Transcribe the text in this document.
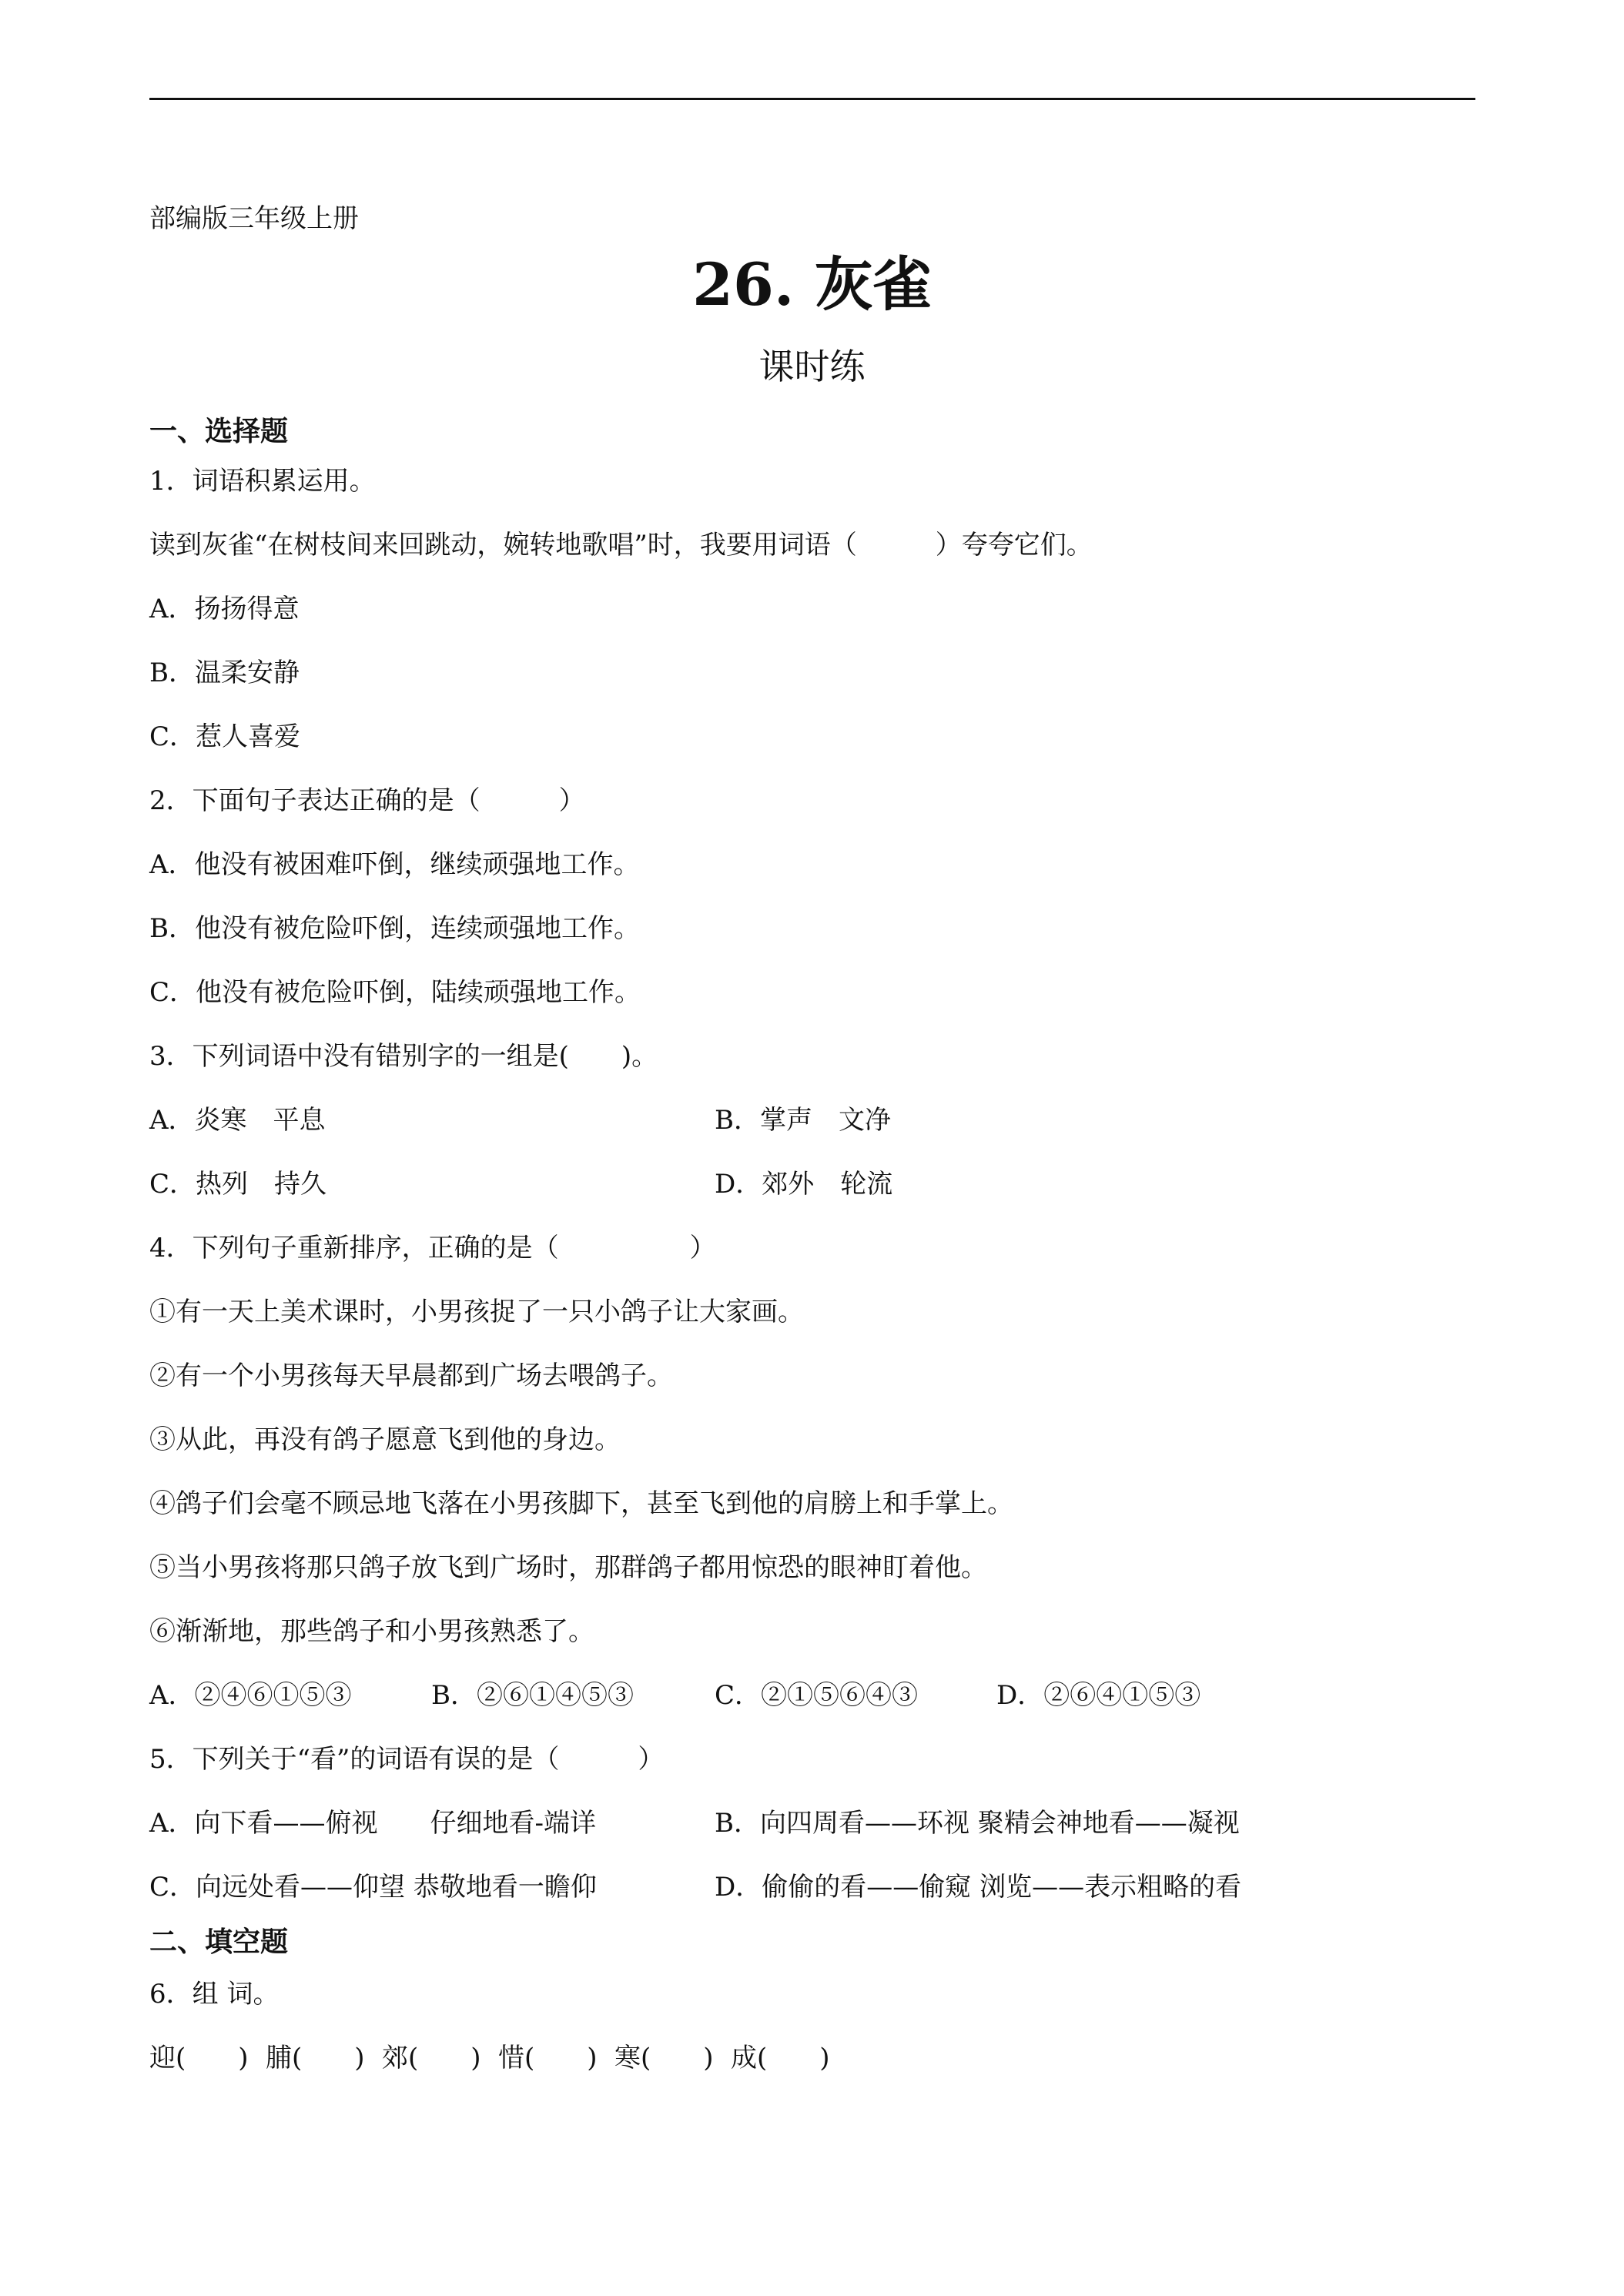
部编版三年级上册
26. 灰雀
课时练
一、选择题
1．词语积累运用。
读到灰雀“在树枝间来回跳动，婉转地歌唱”时，我要用词语（　　　）夸夸它们。
A．扬扬得意
B．温柔安静
C．惹人喜爱
2．下面句子表达正确的是（　　　）
A．他没有被困难吓倒，继续顽强地工作。
B．他没有被危险吓倒，连续顽强地工作。
C．他没有被危险吓倒，陆续顽强地工作。
3．下列词语中没有错别字的一组是(　　)。
A．炎寒　平息	B．掌声　文净
C．热列　持久	D．郊外　轮流
4．下列句子重新排序，正确的是（　　　　　）
①有一天上美术课时，小男孩捉了一只小鸽子让大家画。
②有一个小男孩每天早晨都到广场去喂鸽子。
③从此，再没有鸽子愿意飞到他的身边。
④鸽子们会毫不顾忌地飞落在小男孩脚下，甚至飞到他的肩膀上和手掌上。
⑤当小男孩将那只鸽子放飞到广场时，那群鸽子都用惊恐的眼神盯着他。
⑥渐渐地，那些鸽子和小男孩熟悉了。
A．②④⑥①⑤③	B．②⑥①④⑤③	C．②①⑤⑥④③	D．②⑥④①⑤③
5．下列关于“看”的词语有误的是（　　　）
A．向下看——俯视　　仔细地看-端详	B．向四周看——环视 聚精会神地看——凝视
C．向远处看——仰望 恭敬地看一瞻仰	D．偷偷的看——偷窥 浏览——表示粗略的看
二、填空题
6．组 词。
迎(　　) 脯(　　) 郊(　　) 惜(　　) 寒(　　) 成(　　)
